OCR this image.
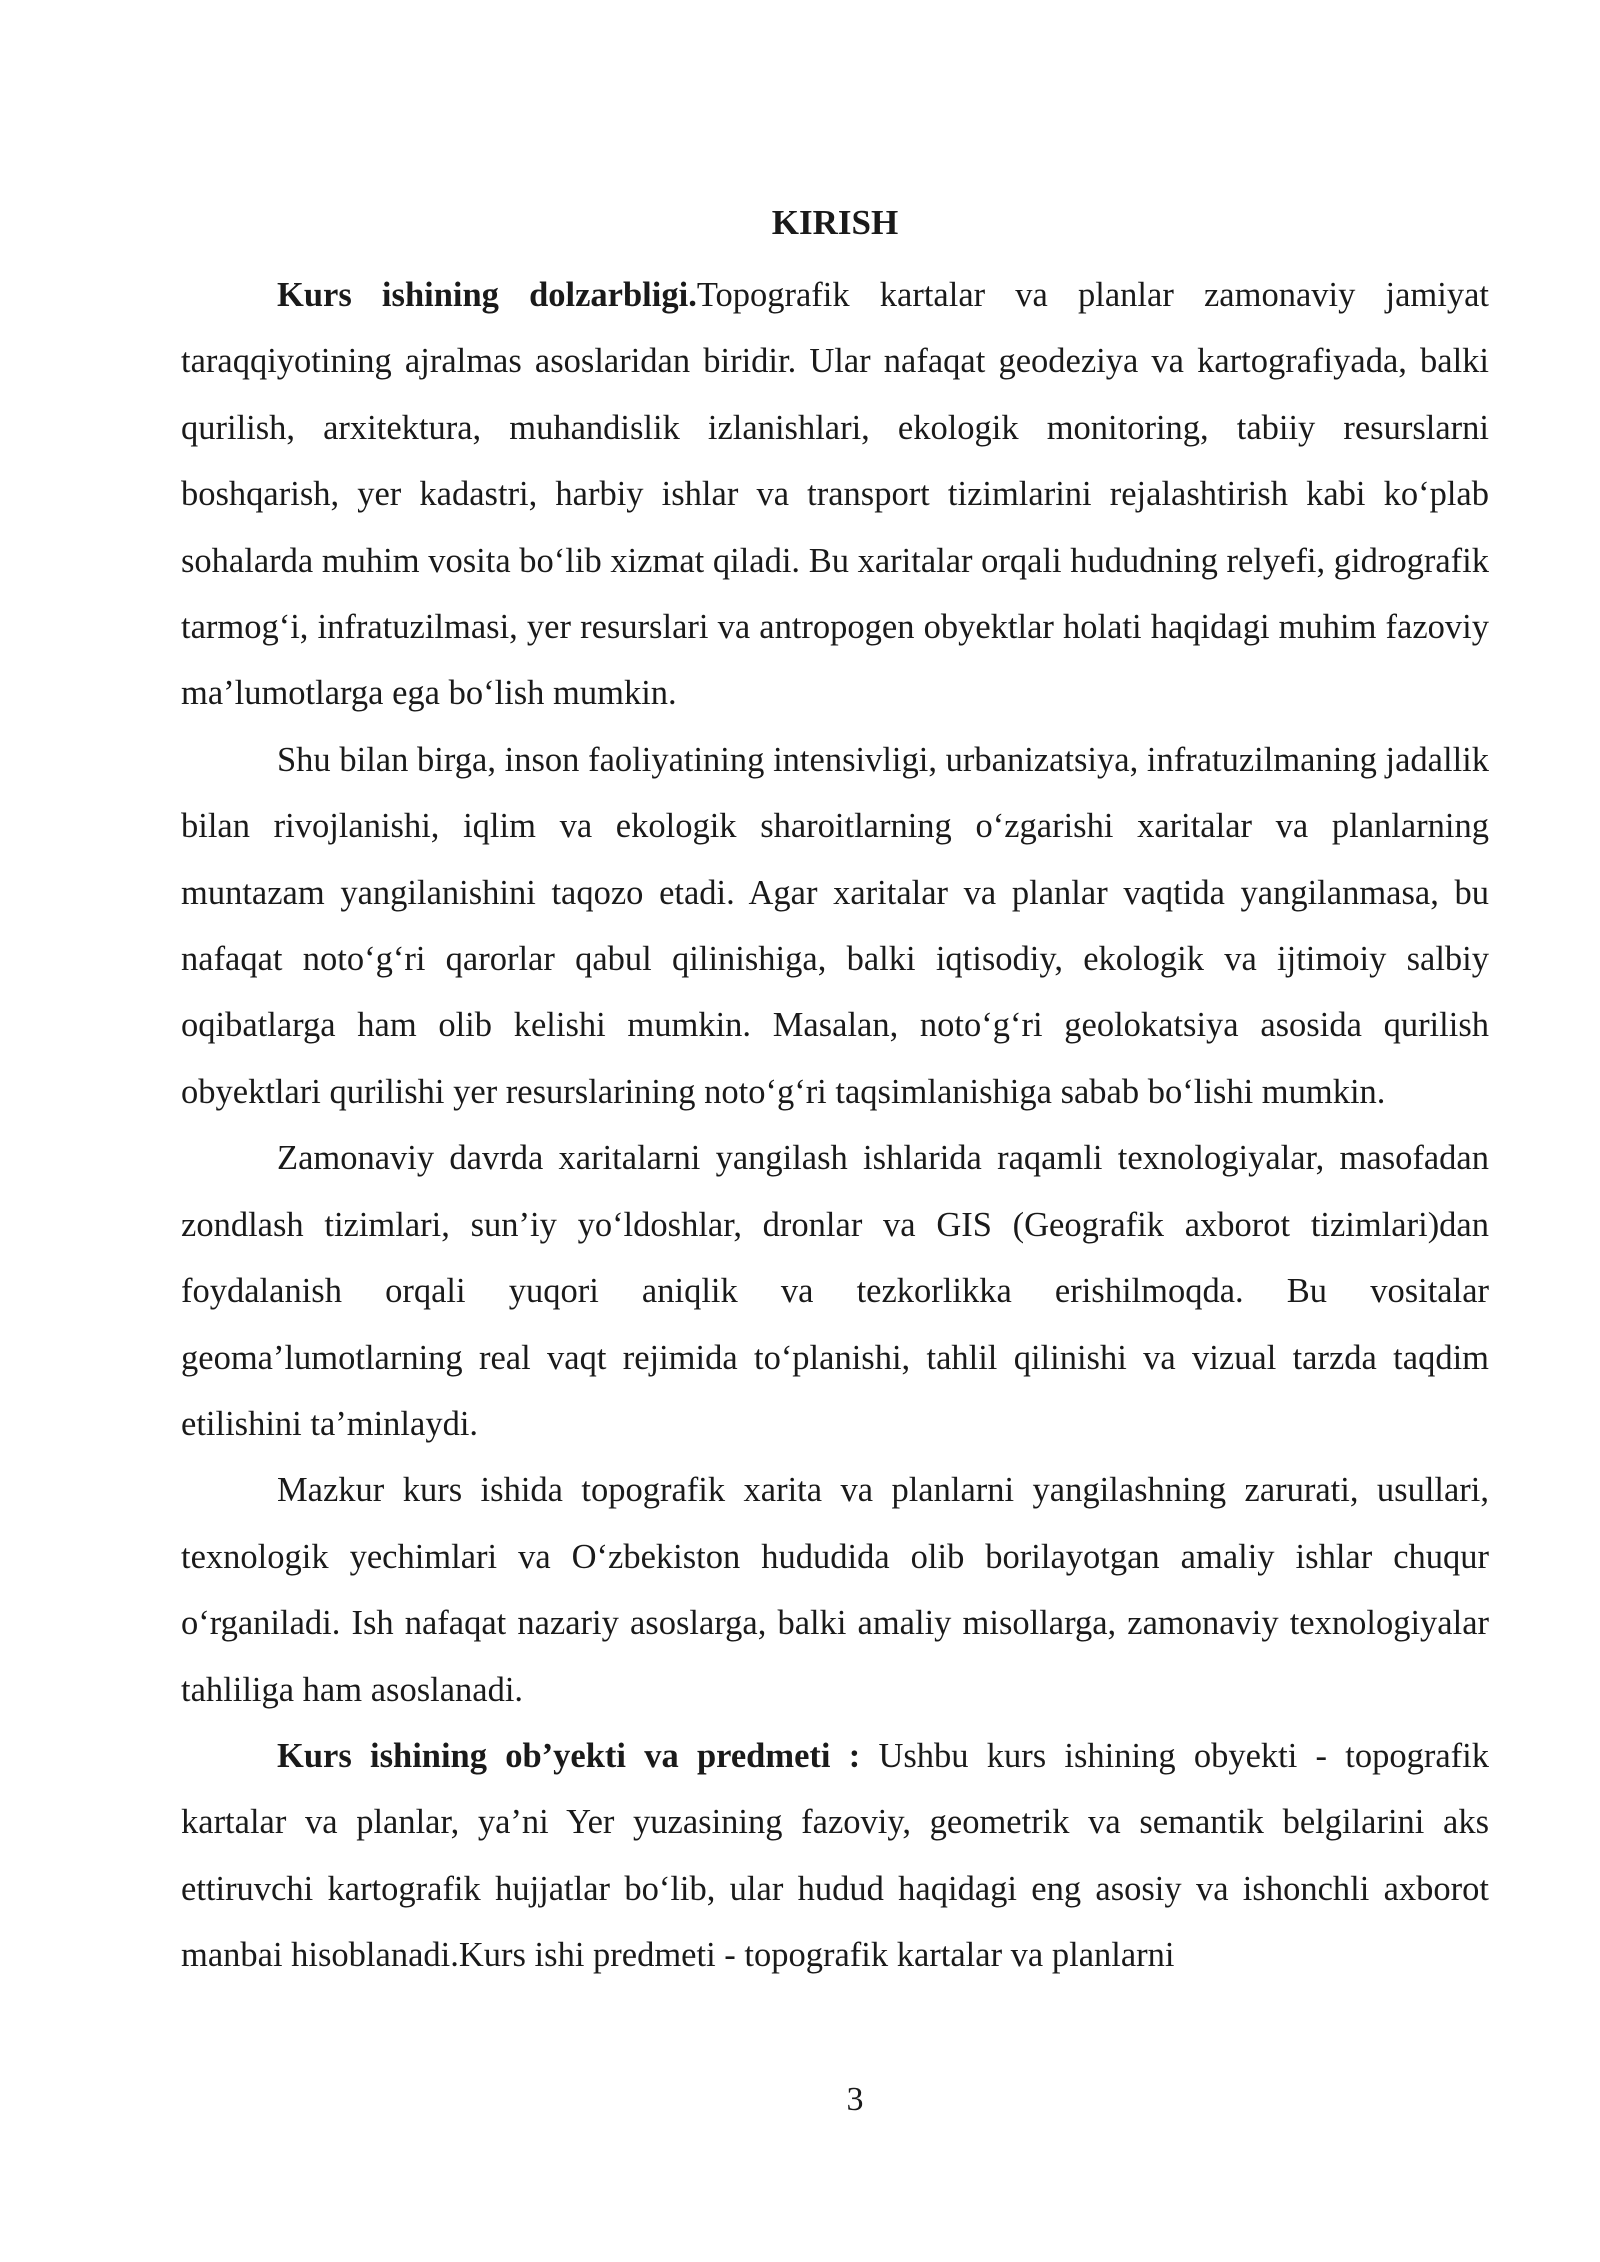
KIRISH

Kurs ishining dolzarbligi.Topografik kartalar va planlar zamonaviy jamiyat taraqqiyotining ajralmas asoslaridan biridir. Ular nafaqat geodeziya va kartografiyada, balki qurilish, arxitektura, muhandislik izlanishlari, ekologik monitoring, tabiiy resurslarni boshqarish, yer kadastri, harbiy ishlar va transport tizimlarini rejalashtirish kabi ko‘plab sohalarda muhim vosita bo‘lib xizmat qiladi. Bu xaritalar orqali hududning relyefi, gidrografik tarmog‘i, infratuzilmasi, yer resurslari va antropogen obyektlar holati haqidagi muhim fazoviy ma’lumotlarga ega bo‘lish mumkin.

Shu bilan birga, inson faoliyatining intensivligi, urbanizatsiya, infratuzilmaning jadallik bilan rivojlanishi, iqlim va ekologik sharoitlarning o‘zgarishi xaritalar va planlarning muntazam yangilanishini taqozo etadi. Agar xaritalar va planlar vaqtida yangilanmasa, bu nafaqat noto‘g‘ri qarorlar qabul qilinishiga, balki iqtisodiy, ekologik va ijtimoiy salbiy oqibatlarga ham olib kelishi mumkin. Masalan, noto‘g‘ri geolokatsiya asosida qurilish obyektlari qurilishi yer resurslarining noto‘g‘ri taqsimlanishiga sabab bo‘lishi mumkin.

Zamonaviy davrda xaritalarni yangilash ishlarida raqamli texnologiyalar, masofadan zondlash tizimlari, sun’iy yo‘ldoshlar, dronlar va GIS (Geografik axborot tizimlari)dan foydalanish orqali yuqori aniqlik va tezkorlikka erishilmoqda. Bu vositalar geoma’lumotlarning real vaqt rejimida to‘planishi, tahlil qilinishi va vizual tarzda taqdim etilishini ta’minlaydi.

Mazkur kurs ishida topografik xarita va planlarni yangilashning zarurati, usullari, texnologik yechimlari va O‘zbekiston hududida olib borilayotgan amaliy ishlar chuqur o‘rganiladi. Ish nafaqat nazariy asoslarga, balki amaliy misollarga, zamonaviy texnologiyalar tahliliga ham asoslanadi.

Kurs ishining ob’yekti va predmeti : Ushbu kurs ishining obyekti - topografik kartalar va planlar, ya’ni Yer yuzasining fazoviy, geometrik va semantik belgilarini aks ettiruvchi kartografik hujjatlar bo‘lib, ular hudud haqidagi eng asosiy va ishonchli axborot manbai hisoblanadi.Kurs ishi predmeti - topografik kartalar va planlarni

3
